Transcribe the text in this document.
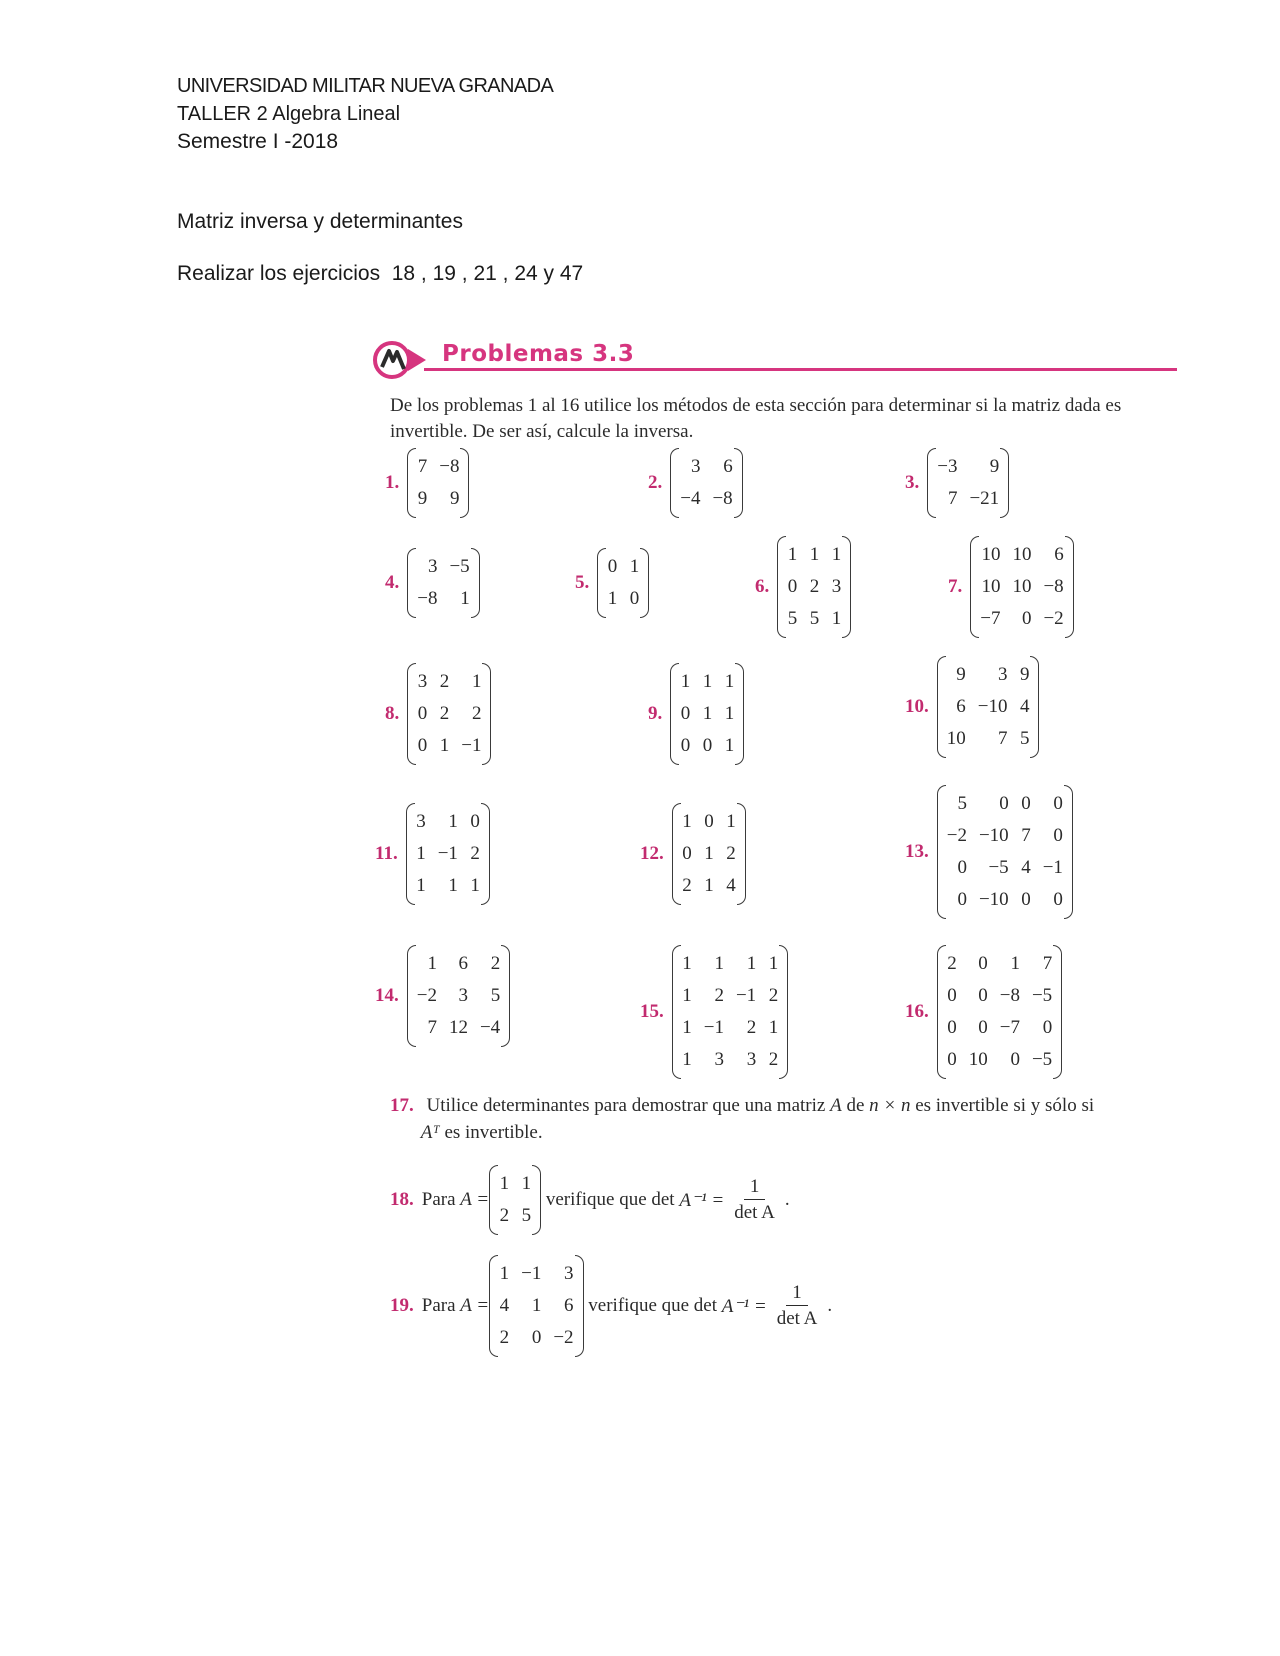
UNIVERSIDAD MILITAR NUEVA GRANADA
TALLER 2 Algebra Lineal
Semestre I -2018
Matriz inversa y determinantes
Realizar los ejercicios  18 , 19 , 21 , 24 y 47
Problemas 3.3
De los problemas 1 al 16 utilice los métodos de esta sección para determinar si la matriz dada es invertible. De ser así, calcule la inversa.
1.
7 −8
9	9
2.
3	6
−4 −8
3.
−3	9
7 −21
4.
3 −5
−8	1
5.
0 1
1 0
6.
1 1 1
0 2 3
5 5 1
7.
10 10	6
10 10 −8
−7	0 −2
8.
3 2	1
0 2	2
0 1 −1
9.
1 1 1
0 1 1
0 0 1
10.
9	3 9
6 −10 4
10	7 5
11.
3	1 0
1 −1 2
1	1 1
12.
1 0 1
0 1 2
2 1 4
13.
5	0 0	0
−2 −10 7	0
0	−5 4 −1
0 −10 0	0
14.
1	6	2
−2	3	5
7 12 −4
15.
1	1	1 1
1	2 −1 2
1 −1	2 1
1	3	3 2
16.
2	0	1	7
0	0 −8 −5
0	0 −7	0
0 10	0 −5
17. Utilice determinantes para demostrar que una matriz A de n × n es invertible si y sólo si
Aᵀ es invertible.
18. Para
A =
1 1
2 5

verifique que det
$A^{-1} = \frac{1}{\text{det A}}$ .
19. Para
A =
1 −1	3
4	1	6
2	0 −2

verifique que det
$A^{-1} = \frac{1}{\text{det A}}$ .
